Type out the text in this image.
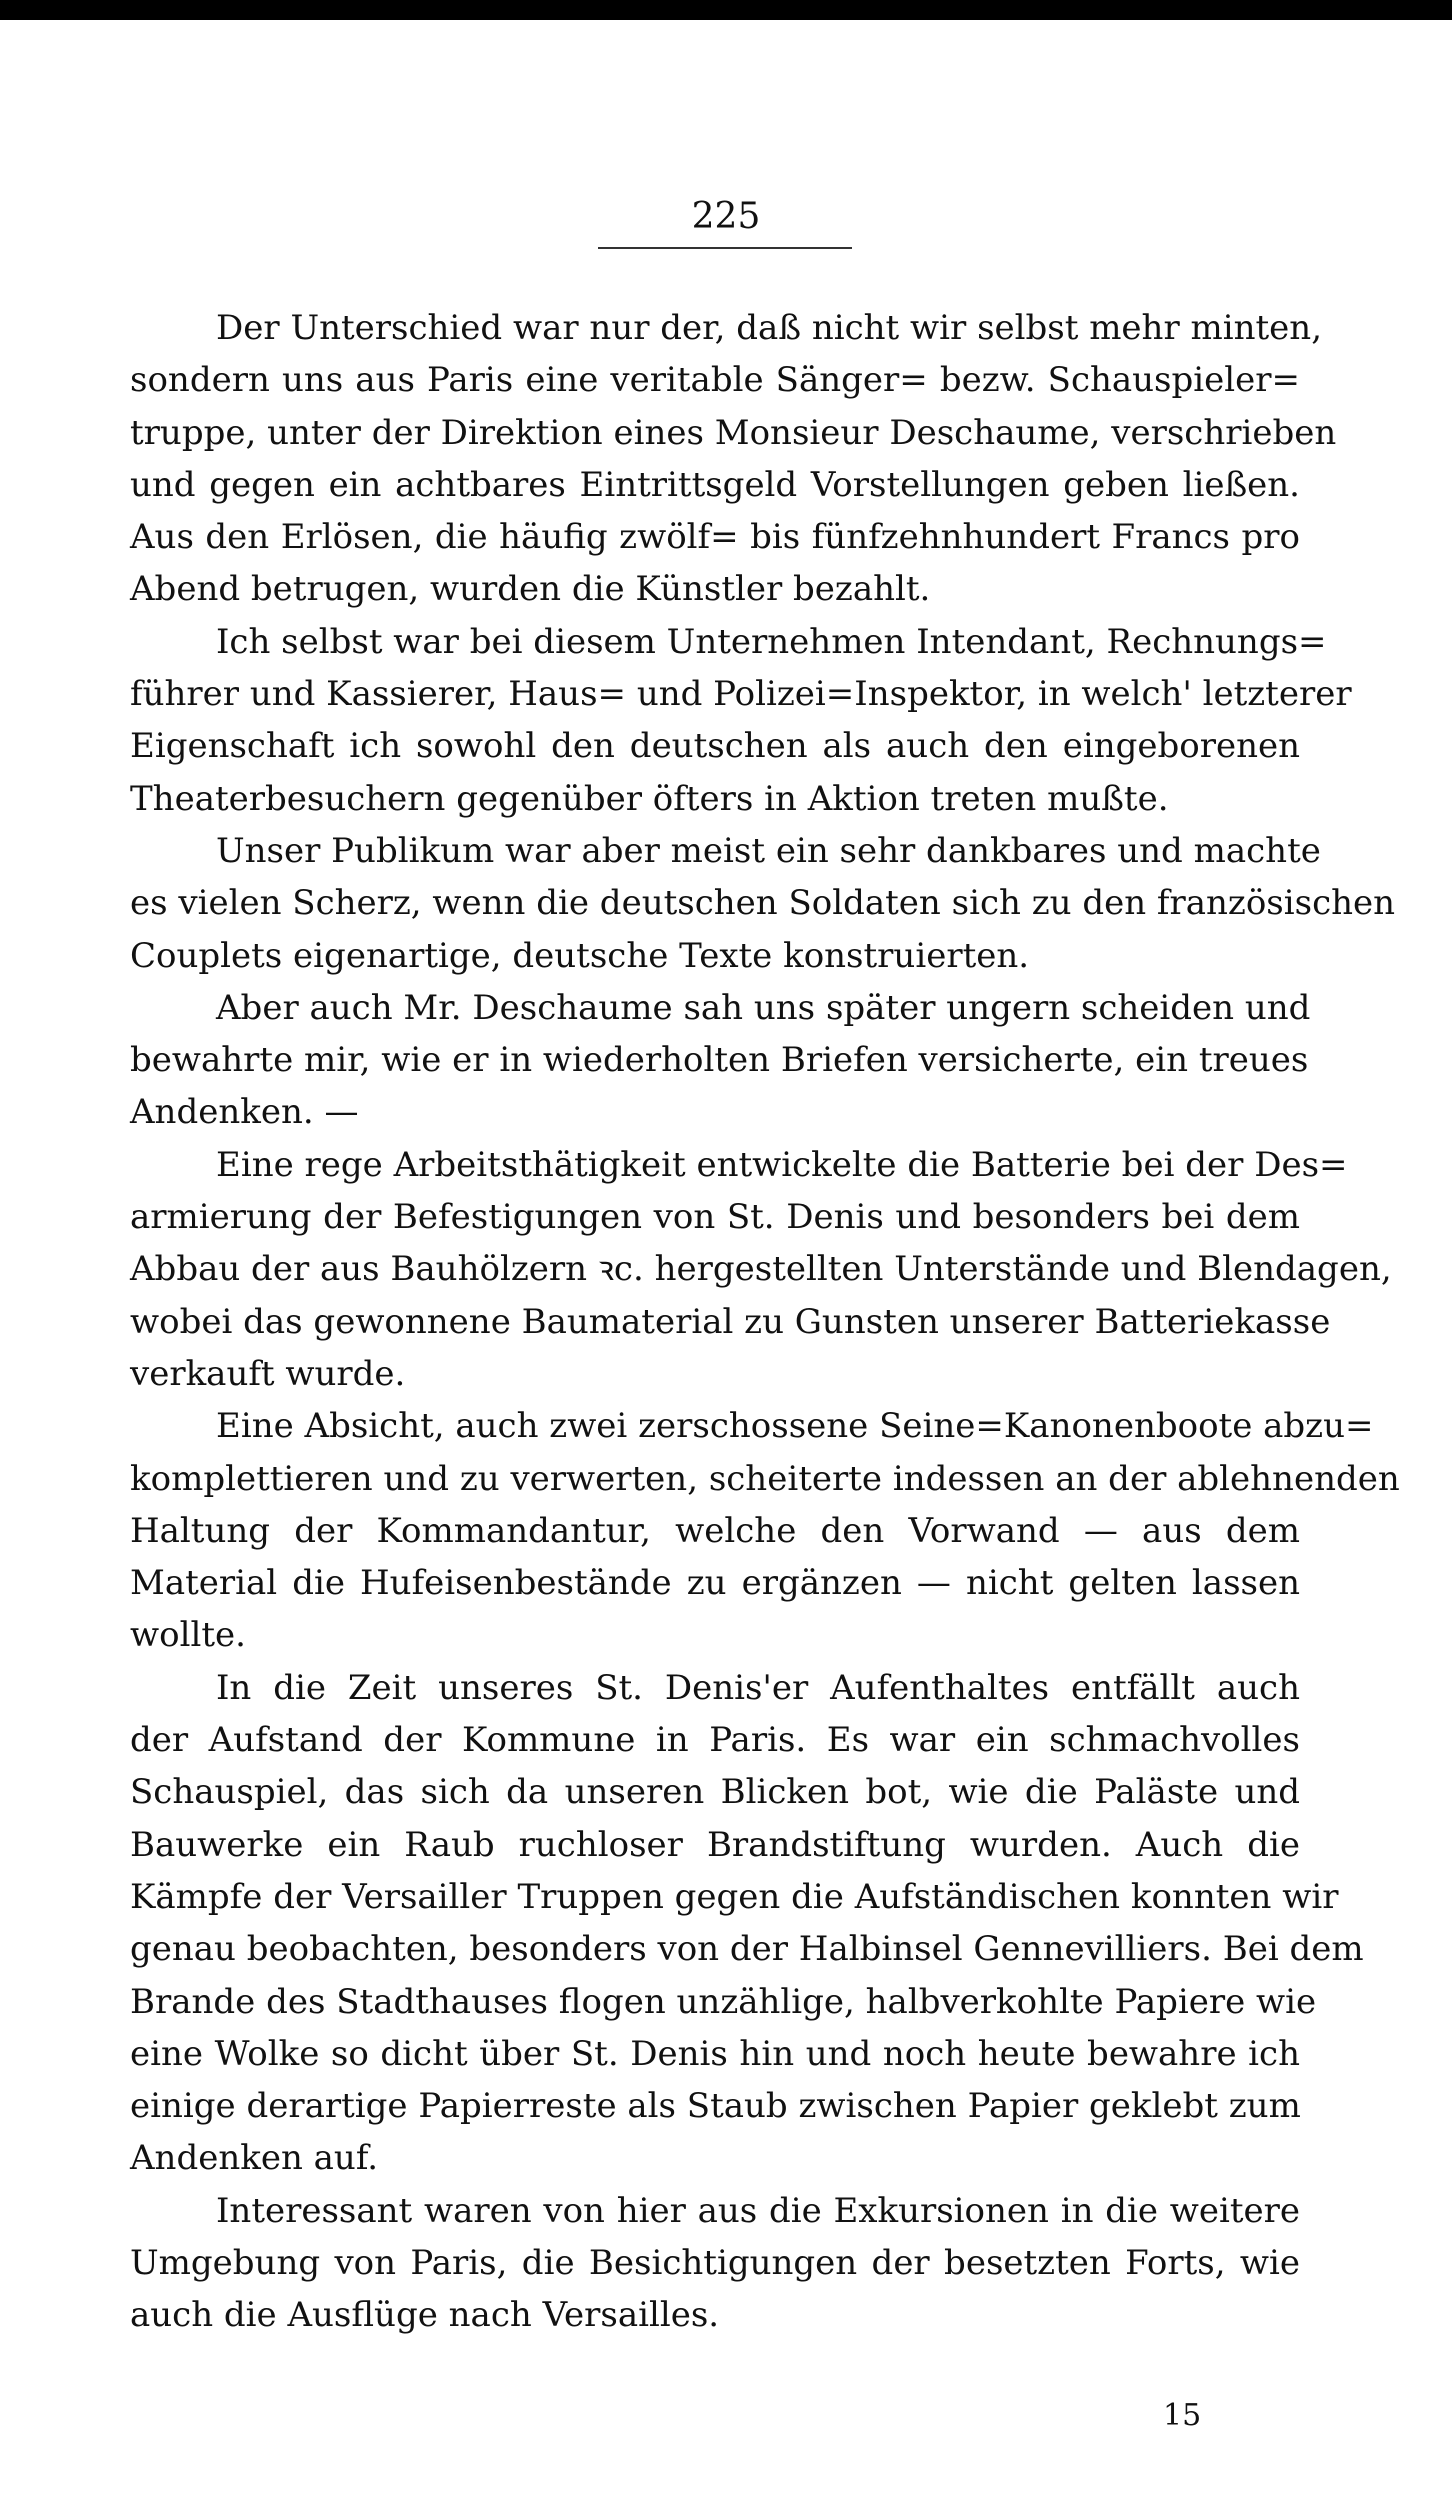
225
Der Unterschied war nur der, daß nicht wir selbst mehr minten,
sondern uns aus Paris eine veritable Sänger= bezw. Schauspieler=
truppe, unter der Direktion eines Monsieur Deschaume, verschrieben
und gegen ein achtbares Eintrittsgeld Vorstellungen geben ließen.
Aus den Erlösen, die häufig zwölf= bis fünfzehnhundert Francs pro
Abend betrugen, wurden die Künstler bezahlt.
Ich selbst war bei diesem Unternehmen Intendant, Rechnungs=
führer und Kassierer, Haus= und Polizei=Inspektor, in welch' letzterer
Eigenschaft ich sowohl den deutschen als auch den eingeborenen
Theaterbesuchern gegenüber öfters in Aktion treten mußte.
Unser Publikum war aber meist ein sehr dankbares und machte
es vielen Scherz, wenn die deutschen Soldaten sich zu den französischen
Couplets eigenartige, deutsche Texte konstruierten.
Aber auch Mr. Deschaume sah uns später ungern scheiden und
bewahrte mir, wie er in wiederholten Briefen versicherte, ein treues
Andenken. —
Eine rege Arbeitsthätigkeit entwickelte die Batterie bei der Des=
armierung der Befestigungen von St. Denis und besonders bei dem
Abbau der aus Bauhölzern ꝛc. hergestellten Unterstände und Blendagen,
wobei das gewonnene Baumaterial zu Gunsten unserer Batteriekasse
verkauft wurde.
Eine Absicht, auch zwei zerschossene Seine=Kanonenboote abzu=
komplettieren und zu verwerten, scheiterte indessen an der ablehnenden
Haltung der Kommandantur, welche den Vorwand — aus dem
Material die Hufeisenbestände zu ergänzen — nicht gelten lassen
wollte.
In die Zeit unseres St. Denis'er Aufenthaltes entfällt auch
der Aufstand der Kommune in Paris. Es war ein schmachvolles
Schauspiel, das sich da unseren Blicken bot, wie die Paläste und
Bauwerke ein Raub ruchloser Brandstiftung wurden. Auch die
Kämpfe der Versailler Truppen gegen die Aufständischen konnten wir
genau beobachten, besonders von der Halbinsel Gennevilliers. Bei dem
Brande des Stadthauses flogen unzählige, halbverkohlte Papiere wie
eine Wolke so dicht über St. Denis hin und noch heute bewahre ich
einige derartige Papierreste als Staub zwischen Papier geklebt zum
Andenken auf.
Interessant waren von hier aus die Exkursionen in die weitere
Umgebung von Paris, die Besichtigungen der besetzten Forts, wie
auch die Ausflüge nach Versailles.
15
